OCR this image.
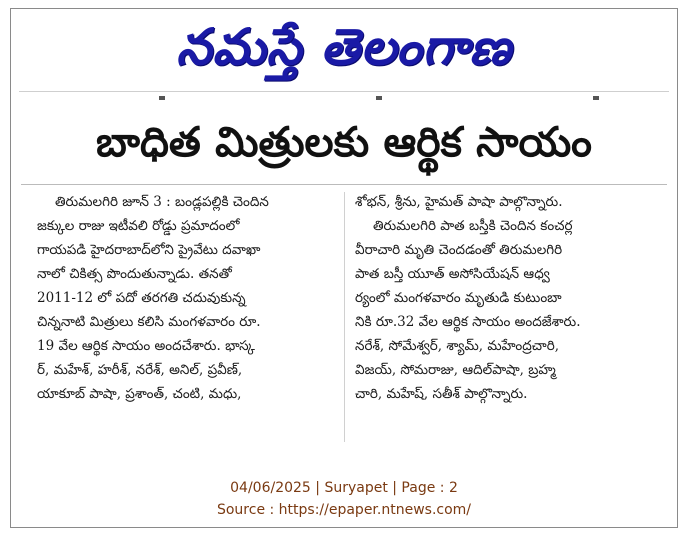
నమస్తే తెలంగాణ
బాధిత మిత్రులకు ఆర్థిక సాయం
తిరుమలగిరి జూన్ 3 : బండ్లపల్లికి చెందిన
జక్కుల రాజు ఇటీవలి రోడ్డు ప్రమాదంలో
గాయపడి హైదరాబాద్‌లోని ప్రైవేటు దవాఖా
నాలో చికిత్స పొందుతున్నాడు. తనతో
2011-12 లో పదో తరగతి చదువుకున్న
చిన్ననాటి మిత్రులు కలిసి మంగళవారం రూ.
19 వేల ఆర్థిక సాయం అందచేశారు. భాస్క
ర్, మహేశ్, హరీశ్, నరేశ్, అనిల్, ప్రవీణ్,
యాకూబ్ పాషా, ప్రశాంత్, చంటి, మధు,
శోభన్, శ్రీను, హైమత్ పాషా పాల్గొన్నారు.
తిరుమలగిరి పాత బస్తీకి చెందిన కంచర్ల
వీరాచారి మృతి చెందడంతో తిరుమలగిరి
పాత బస్తీ యూత్ అసోసియేషన్ ఆధ్వ
ర్యంలో మంగళవారం మృతుడి కుటుంబా
నికి రూ.32 వేల ఆర్థిక సాయం అందజేశారు.
నరేశ్, సోమేశ్వర్, శ్యామ్, మహేంద్రచారి,
విజయ్, సోమరాజు, ఆదిల్‌పాషా, బ్రహ్మ
చారి, మహేష్, సతీశ్ పాల్గొన్నారు.
04/06/2025 | Suryapet | Page : 2
Source : https://epaper.ntnews.com/
